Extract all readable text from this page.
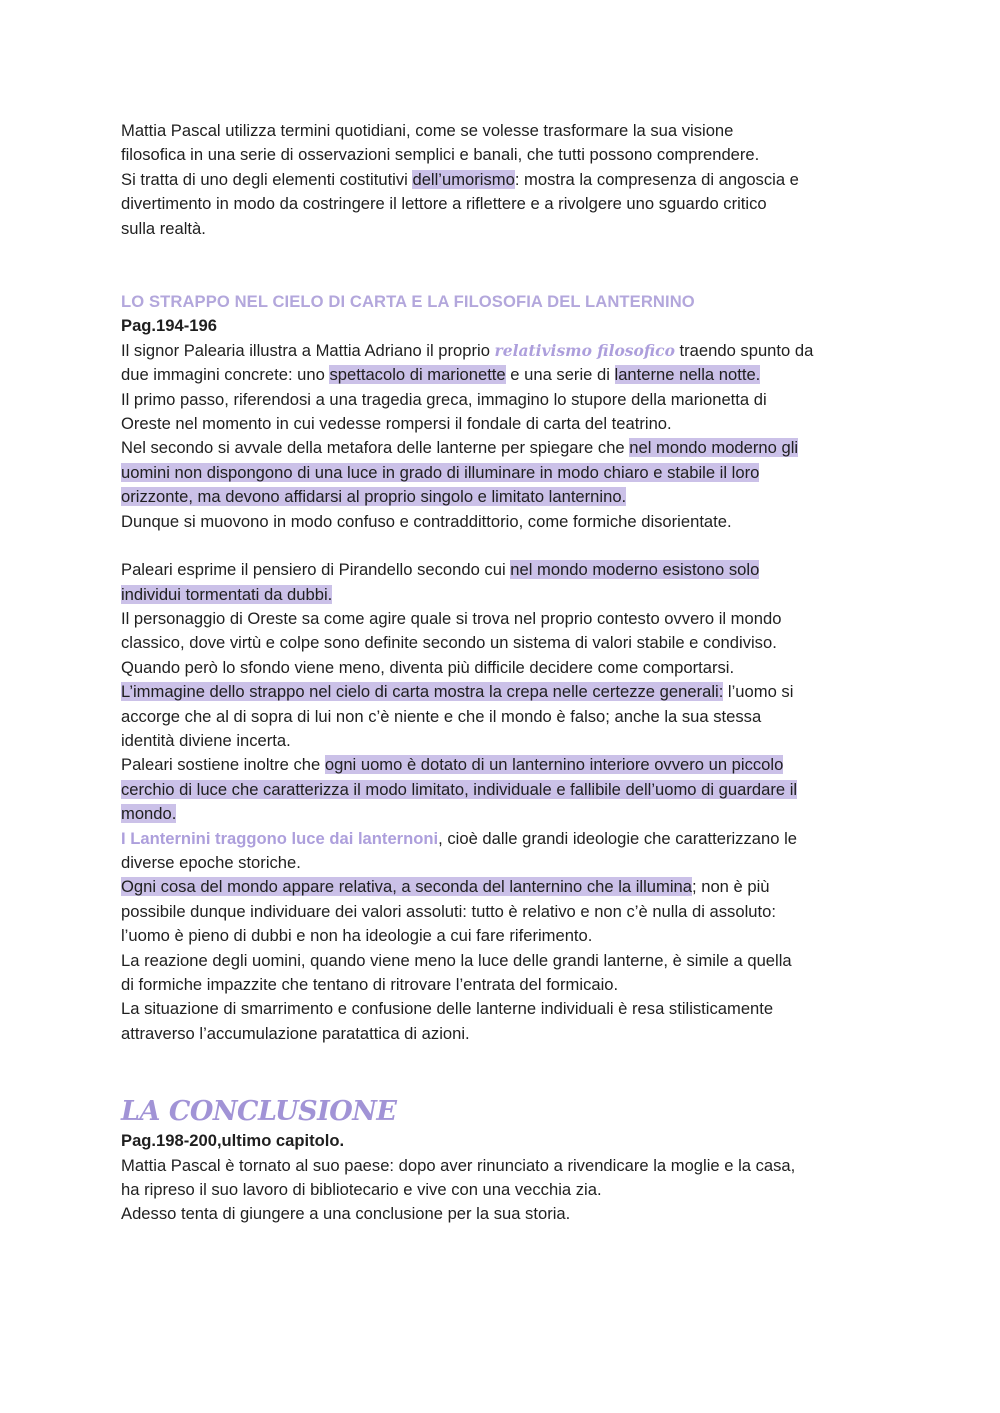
Mattia Pascal utilizza termini quotidiani, come se volesse trasformare la sua visione

filosofica in una serie di osservazioni semplici e banali, che tutti possono comprendere.

Si tratta di uno degli elementi costitutivi dell’umorismo: mostra la compresenza di angoscia e

divertimento in modo da costringere il lettore a riflettere e a rivolgere uno sguardo critico

sulla realtà.

LO STRAPPO NEL CIELO DI CARTA E LA FILOSOFIA DEL LANTERNINO

Pag.194-196

Il signor Palearia illustra a Mattia Adriano il proprio relativismo filosofico traendo spunto da

due immagini concrete: uno spettacolo di marionette e una serie di lanterne nella notte.

Il primo passo, riferendosi a una tragedia greca, immagino lo stupore della marionetta di

Oreste nel momento in cui vedesse rompersi il fondale di carta del teatrino.

Nel secondo si avvale della metafora delle lanterne per spiegare che nel mondo moderno gli

uomini non dispongono di una luce in grado di illuminare in modo chiaro e stabile il loro

orizzonte, ma devono affidarsi al proprio singolo e limitato lanternino.

Dunque si muovono in modo confuso e contraddittorio, come formiche disorientate.

Paleari esprime il pensiero di Pirandello secondo cui nel mondo moderno esistono solo

individui tormentati da dubbi.

Il personaggio di Oreste sa come agire quale si trova nel proprio contesto ovvero il mondo

classico, dove virtù e colpe sono definite secondo un sistema di valori stabile e condiviso.

Quando però lo sfondo viene meno, diventa più difficile decidere come comportarsi.

L’immagine dello strappo nel cielo di carta mostra la crepa nelle certezze generali: l’uomo si

accorge che al di sopra di lui non c’è niente e che il mondo è falso; anche la sua stessa

identità diviene incerta.

Paleari sostiene inoltre che ogni uomo è dotato di un lanternino interiore ovvero un piccolo

cerchio di luce che caratterizza il modo limitato, individuale e fallibile dell’uomo di guardare il

mondo.

I Lanternini traggono luce dai lanternoni, cioè dalle grandi ideologie che caratterizzano le

diverse epoche storiche.

Ogni cosa del mondo appare relativa, a seconda del lanternino che la illumina; non è più

possibile dunque individuare dei valori assoluti: tutto è relativo e non c’è nulla di assoluto:

l’uomo è pieno di dubbi e non ha ideologie a cui fare riferimento.

La reazione degli uomini, quando viene meno la luce delle grandi lanterne, è simile a quella

di formiche impazzite che tentano di ritrovare l’entrata del formicaio.

La situazione di smarrimento e confusione delle lanterne individuali è resa stilisticamente

attraverso l’accumulazione paratattica di azioni.

LA CONCLUSIONE

Pag.198-200,ultimo capitolo.

Mattia Pascal è tornato al suo paese: dopo aver rinunciato a rivendicare la moglie e la casa,

ha ripreso il suo lavoro di bibliotecario e vive con una vecchia zia.

Adesso tenta di giungere a una conclusione per la sua storia.
